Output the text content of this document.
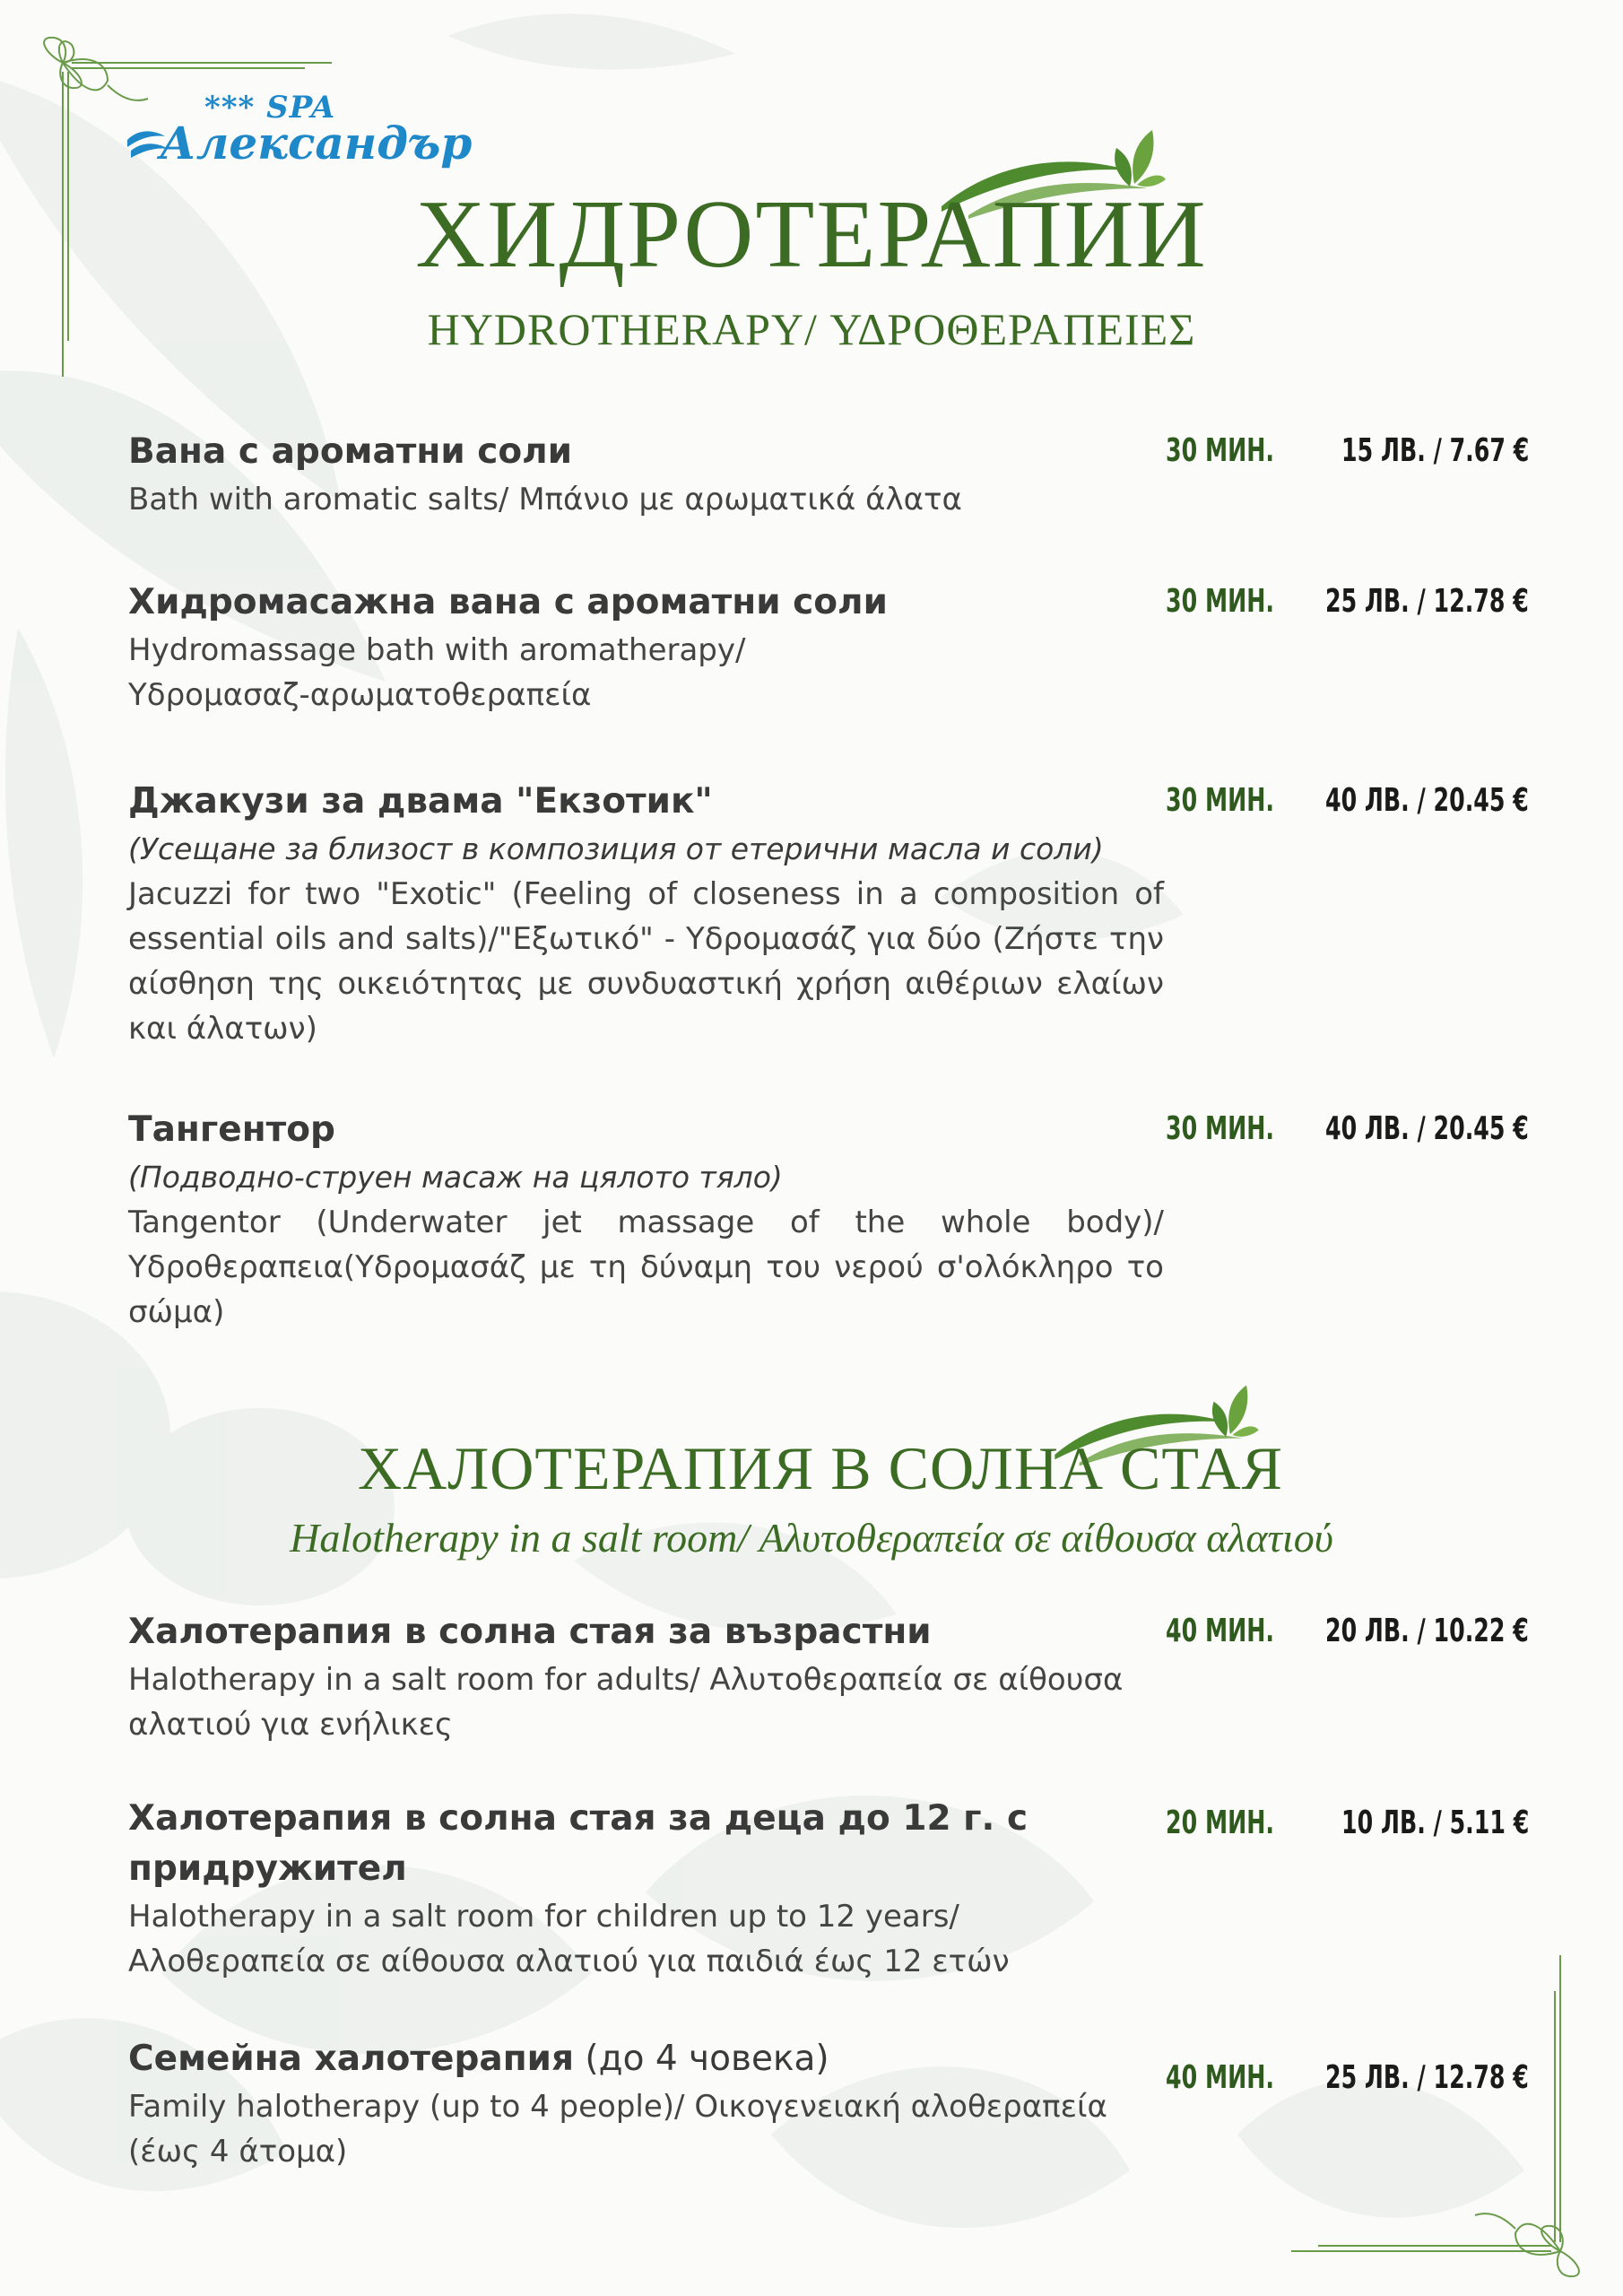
*** SPA
Александър
ХИДРОТЕРАПИИ
HYDROTHERAPY/ ΥΔΡΟΘΕΡΑΠΕΙΕΣ
Вана с ароматни соли
Bath with aromatic salts/ Μπάνιο με αρωματικά άλατα
30 МИН. 15 ЛВ. / 7.67 €
Хидромасажна вана с ароматни соли
Hydromassage bath with aromatherapy/
Υδρομασαζ-αρωματοθεραπεία
30 МИН. 25 ЛВ. / 12.78 €
Джакузи за двама "Екзотик"
(Усещане за близост в композиция от етерични масла и соли)
Jacuzzi for two "Exotic" (Feeling of closeness in a composition of essential oils and salts)/"Εξωτικό" - Υδρομασάζ για δύο (Ζήστε την αίσθηση της οικειότητας με συνδυαστική χρήση αιθέριων ελαίων και άλατων)
30 МИН. 40 ЛВ. / 20.45 €
Тангентор
(Подводно-струен масаж на цялото тяло)
Tangentor (Underwater jet massage of the whole body)/ Υδροθεραπεια(Υδρομασάζ με τη δύναμη του νερού σ'ολόκληρο το σώμα)
30 МИН. 40 ЛВ. / 20.45 €
ХАЛОТЕРАПИЯ В СОЛНА СТАЯ
Halotherapy in a salt room/ Αλυτοθεραπεία σε αίθουσα αλατιού
Халотерапия в солна стая за възрастни
Halotherapy in a salt room for adults/ Αλυτοθεραπεία σε αίθουσα
αλατιού για ενήλικες
40 МИН. 20 ЛВ. / 10.22 €
Халотерапия в солна стая за деца до 12 г. с
придружител
Halotherapy in a salt room for children up to 12 years/
Αλοθεραπεία σε αίθουσα αλατιού για παιδιά έως 12 ετών
20 МИН. 10 ЛВ. / 5.11 €
Семейна халотерапия (до 4 човека)
Family halotherapy (up to 4 people)/ Οικογενειακή αλοθεραπεία
(έως 4 άτομα)
40 МИН. 25 ЛВ. / 12.78 €
